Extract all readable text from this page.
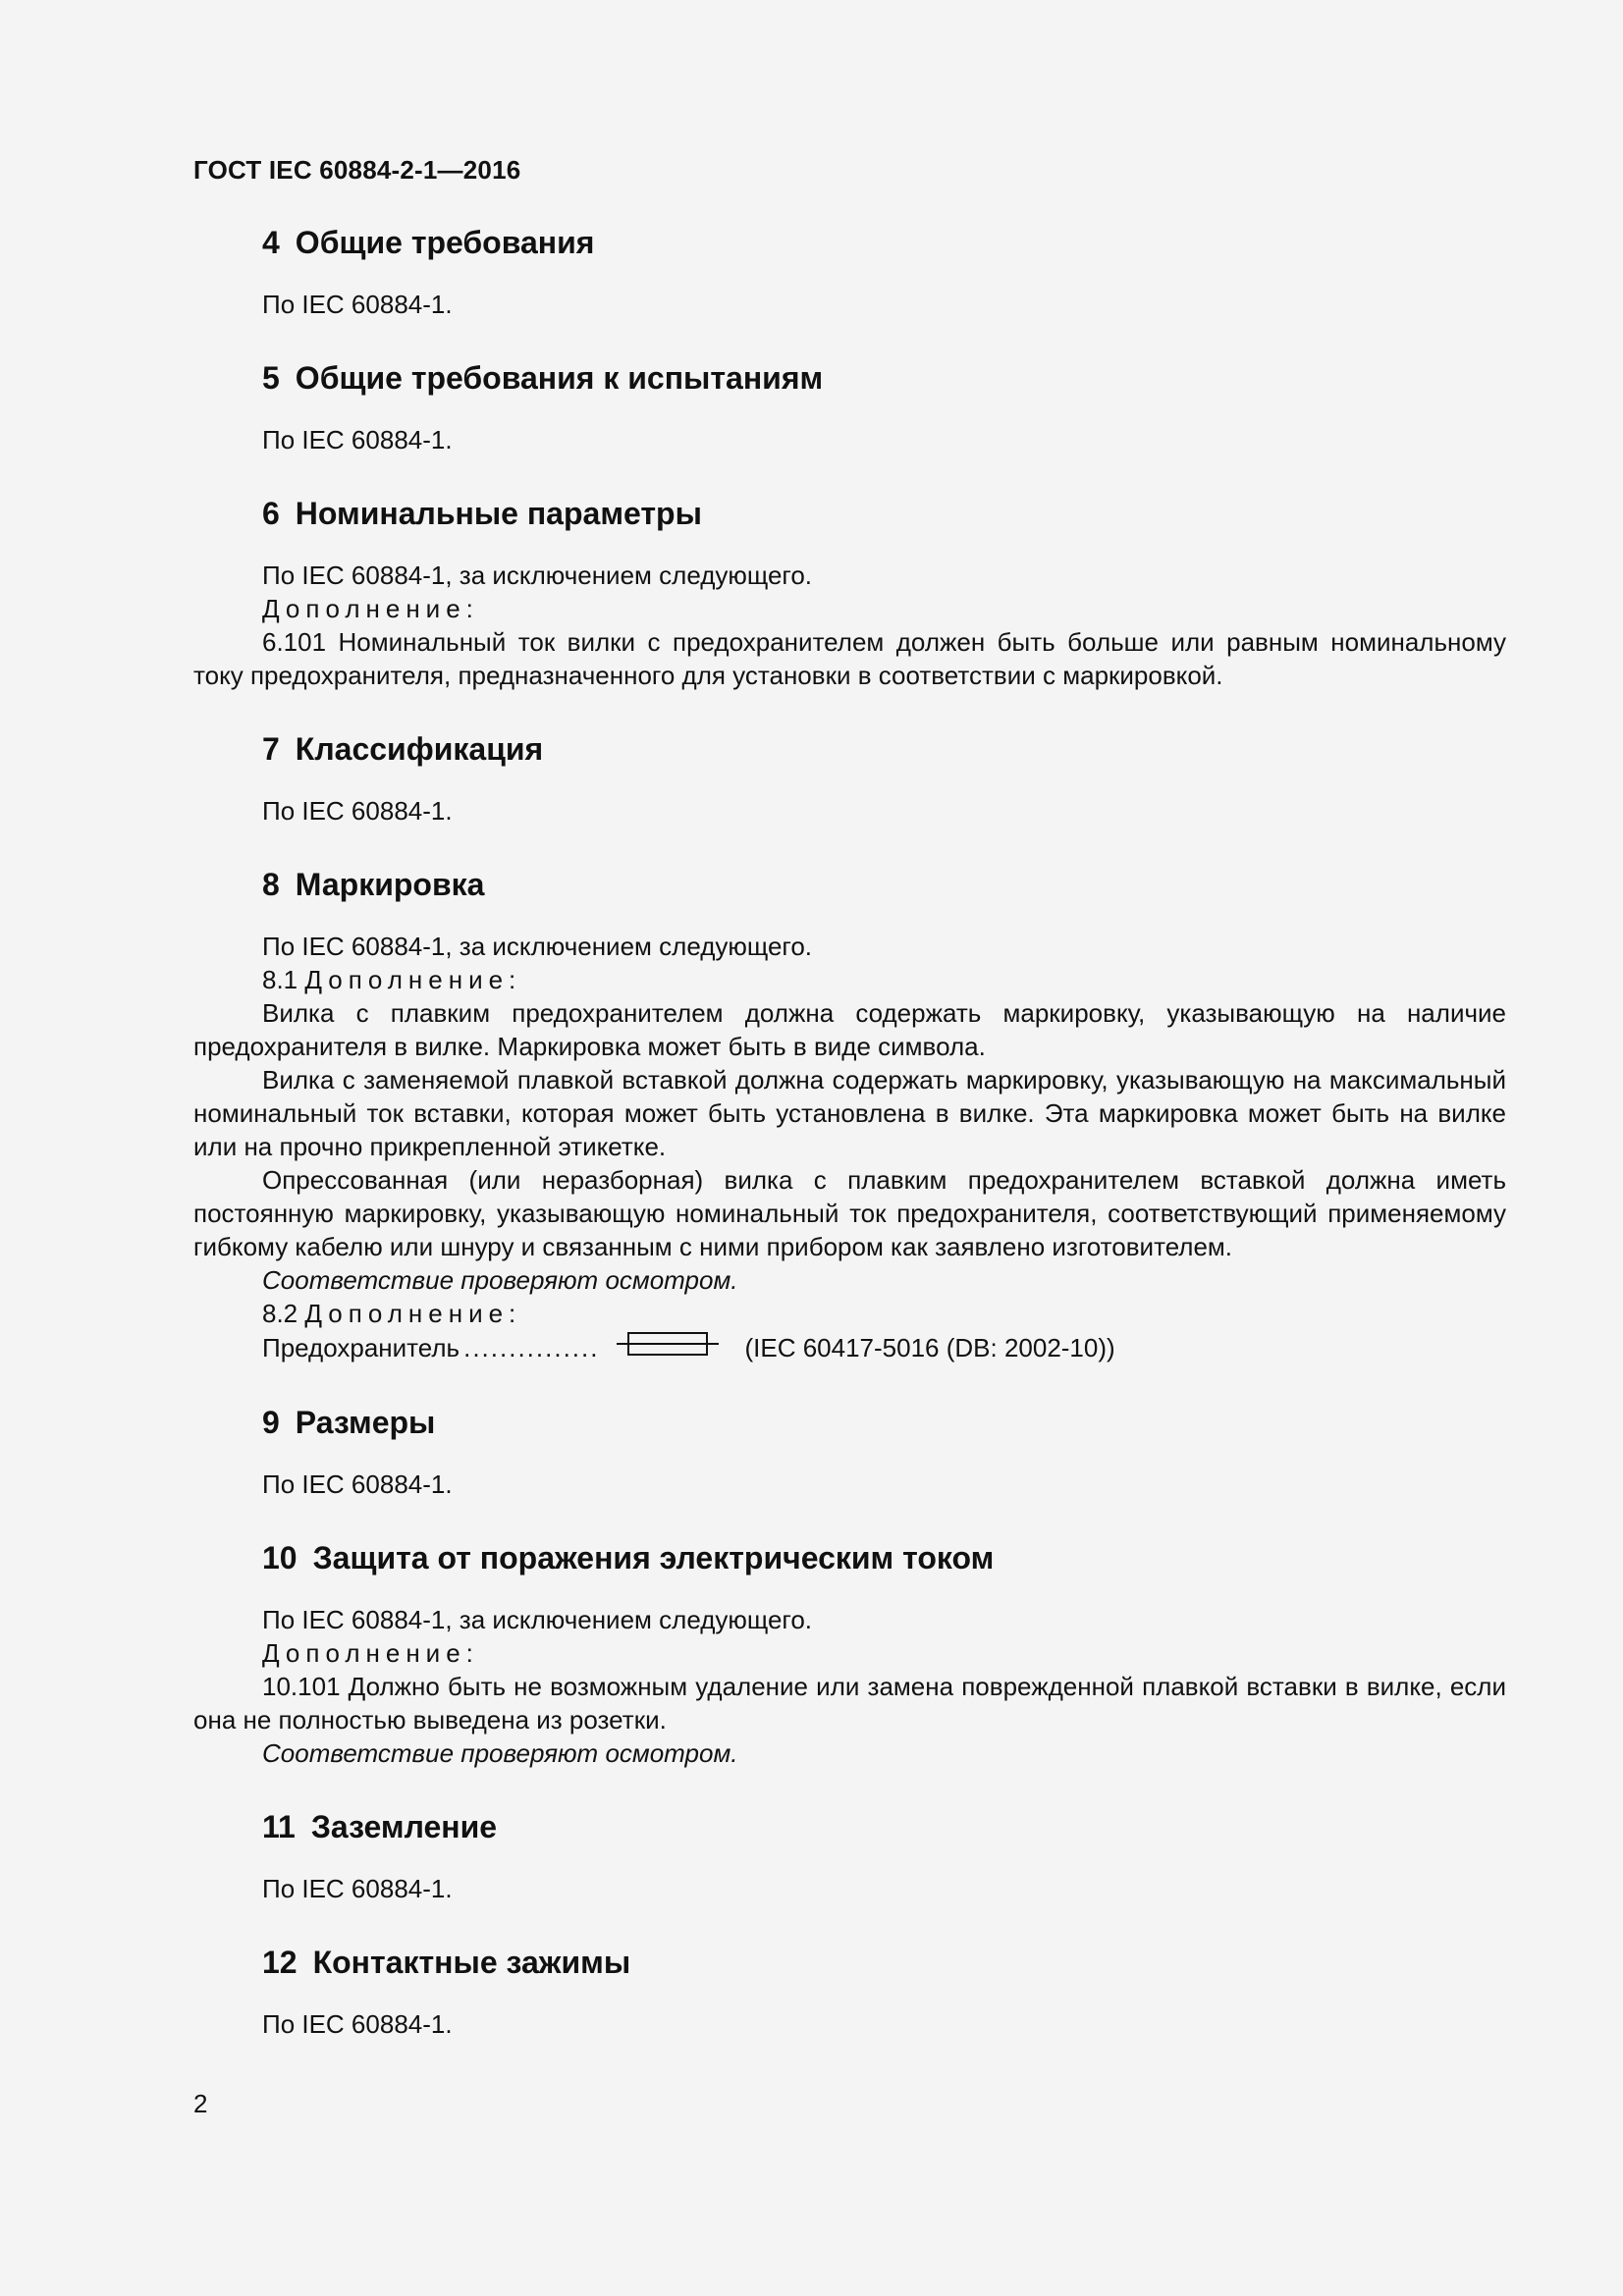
ГОСТ IEC 60884-2-1—2016
4 Общие требования

По IEC 60884-1.

5 Общие требования к испытаниям

По IEC 60884-1.

6 Номинальные параметры

По IEC 60884-1, за исключением следующего.

Дополнение:

6.101 Номинальный ток вилки с предохранителем должен быть больше или равным номинальному току предохранителя, предназначенного для установки в соответствии с маркировкой.

7 Классификация

По IEC 60884-1.

8 Маркировка

По IEC 60884-1, за исключением следующего.

8.1 Дополнение:

Вилка с плавким предохранителем должна содержать маркировку, указывающую на наличие предохранителя в вилке. Маркировка может быть в виде символа.

Вилка с заменяемой плавкой вставкой должна содержать маркировку, указывающую на максимальный номинальный ток вставки, которая может быть установлена в вилке. Эта маркировка может быть на вилке или на прочно прикрепленной этикетке.

Опрессованная (или неразборная) вилка с плавким предохранителем вставкой должна иметь постоянную маркировку, указывающую номинальный ток предохранителя, соответствующий применяемому гибкому кабелю или шнуру и связанным с ними прибором как заявлено изготовителем.

Соответствие проверяют осмотром.

8.2 Дополнение:

Предохранитель ...............	(IEC 60417-5016 (DB: 2002-10))
9 Размеры

По IEC 60884-1.

10 Защита от поражения электрическим током

По IEC 60884-1, за исключением следующего.

Дополнение:

10.101 Должно быть не возможным удаление или замена поврежденной плавкой вставки в вилке, если она не полностью выведена из розетки.

Соответствие проверяют осмотром.

11 Заземление

По IEC 60884-1.

12 Контактные зажимы

По IEC 60884-1.

2
